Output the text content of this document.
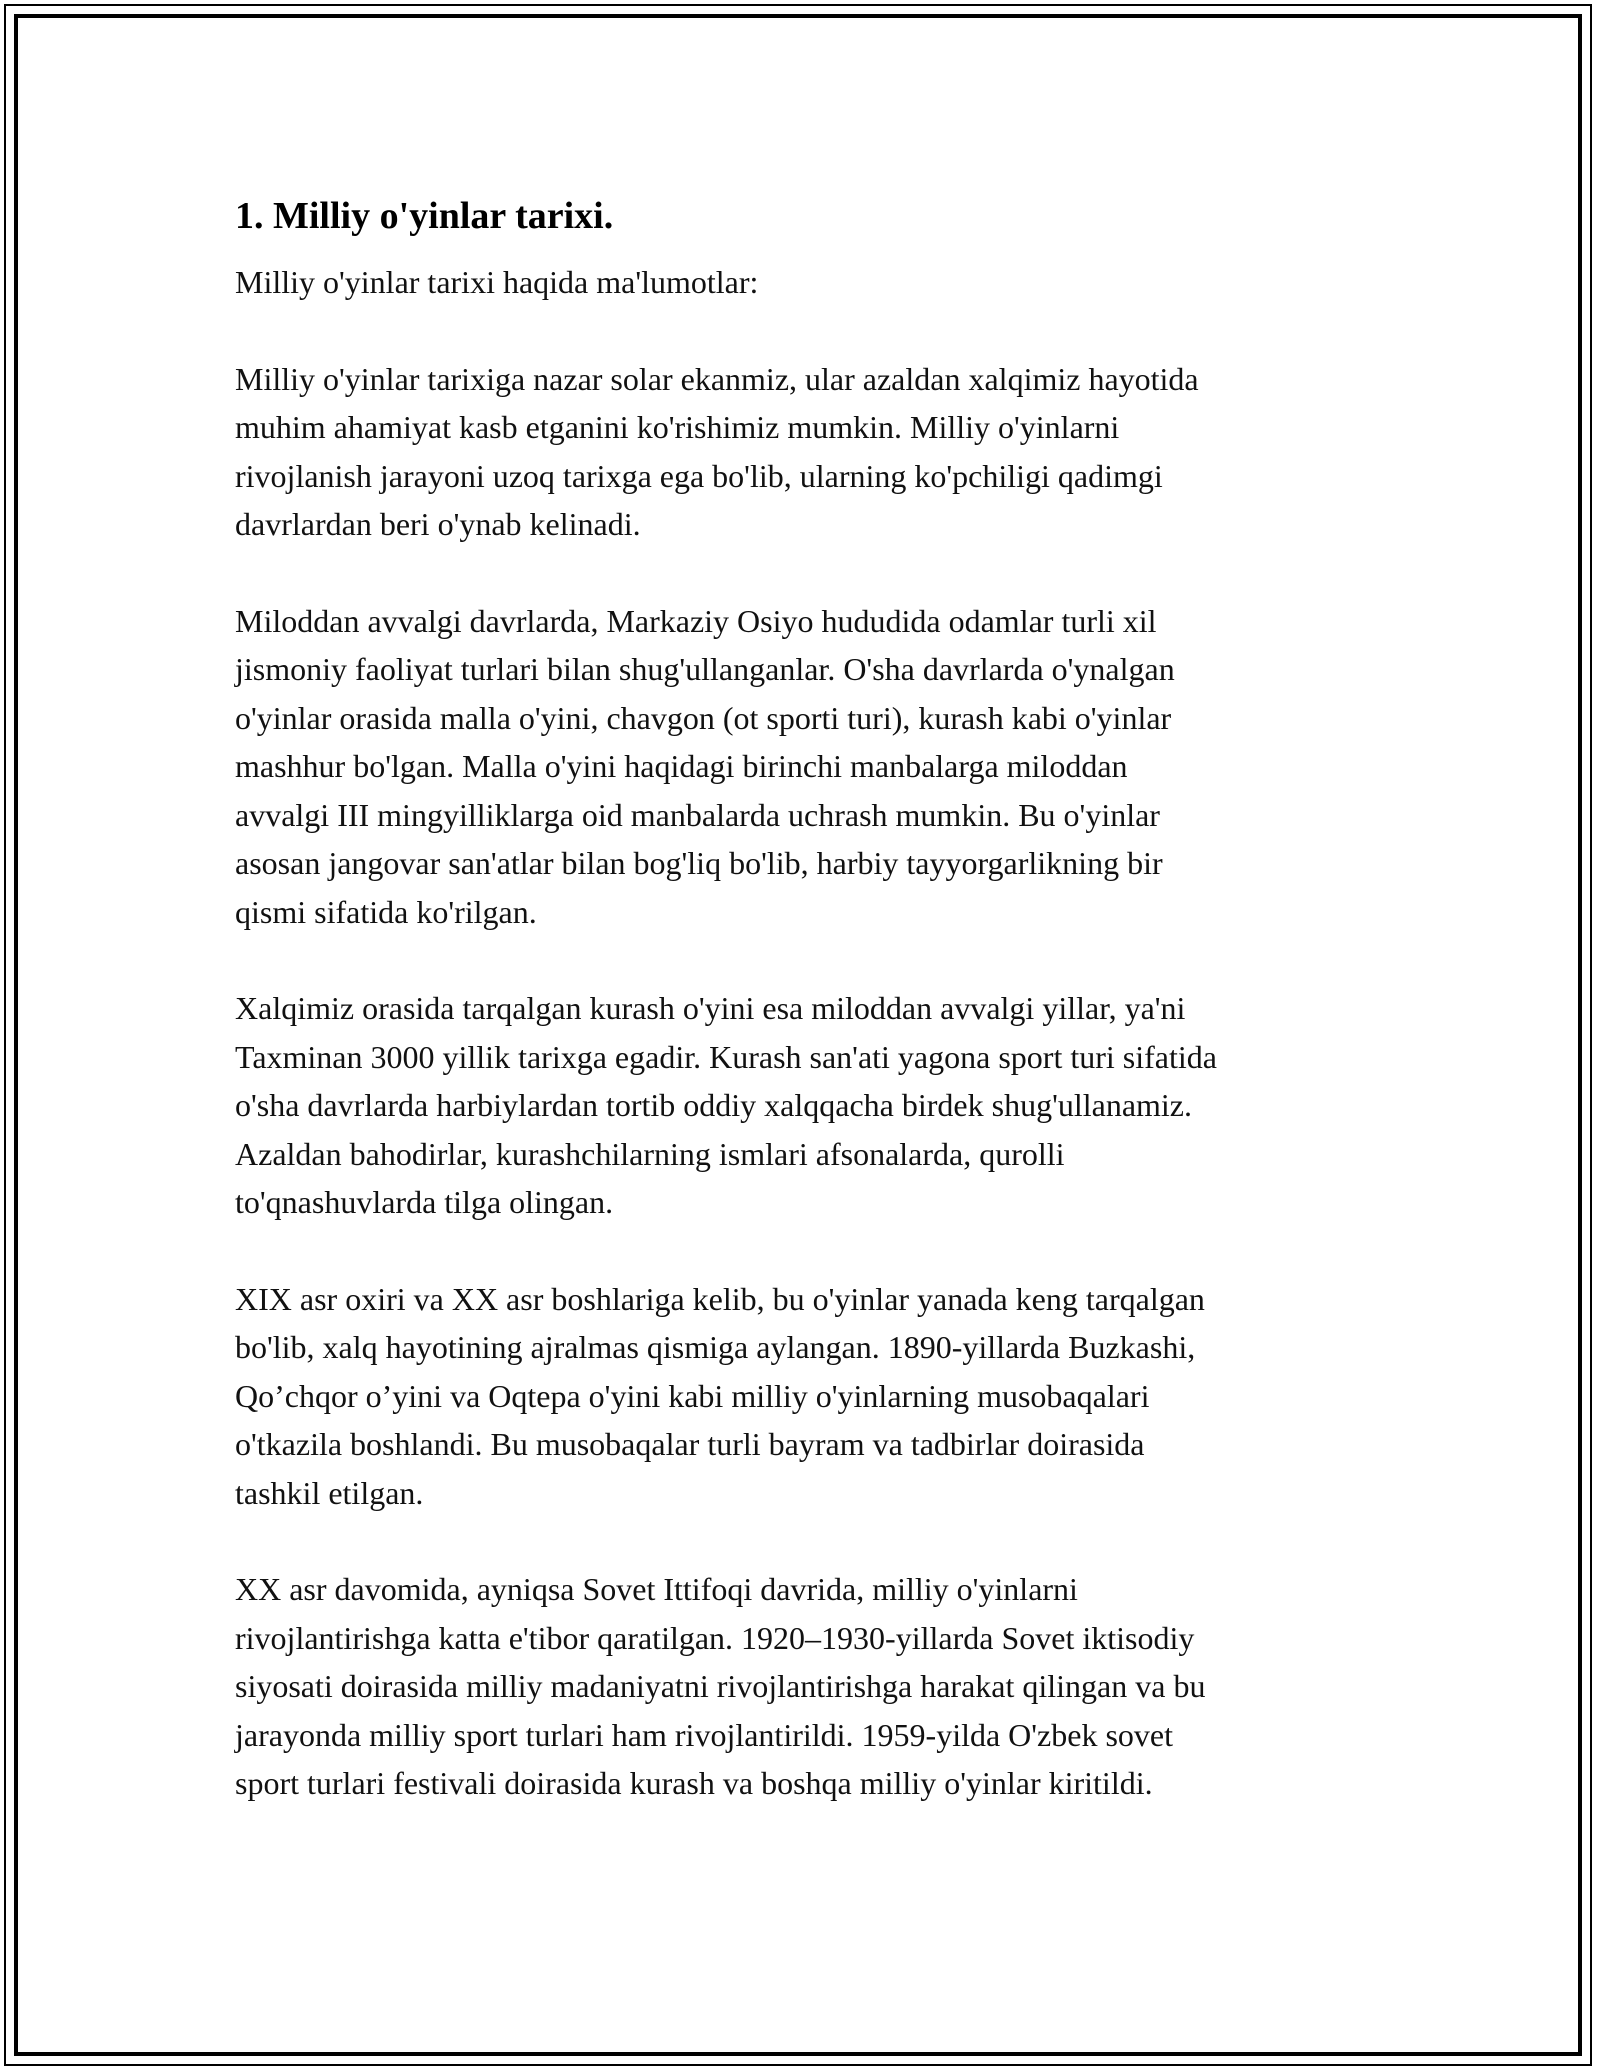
1. Milliy o'yinlar tarixi.

Milliy o'yinlar tarixi haqida ma'lumotlar:

Milliy o'yinlar tarixiga nazar solar ekanmiz, ular azaldan xalqimiz hayotida
muhim ahamiyat kasb etganini ko'rishimiz mumkin. Milliy o'yinlarni
rivojlanish jarayoni uzoq tarixga ega bo'lib, ularning ko'pchiligi qadimgi
davrlardan beri o'ynab kelinadi.

Miloddan avvalgi davrlarda, Markaziy Osiyo hududida odamlar turli xil
jismoniy faoliyat turlari bilan shug'ullanganlar. O'sha davrlarda o'ynalgan
o'yinlar orasida malla o'yini, chavgon (ot sporti turi), kurash kabi o'yinlar
mashhur bo'lgan. Malla o'yini haqidagi birinchi manbalarga miloddan
avvalgi III mingyilliklarga oid manbalarda uchrash mumkin. Bu o'yinlar
asosan jangovar san'atlar bilan bog'liq bo'lib, harbiy tayyorgarlikning bir
qismi sifatida ko'rilgan.

Xalqimiz orasida tarqalgan kurash o'yini esa miloddan avvalgi yillar, ya'ni
Taxminan 3000 yillik tarixga egadir. Kurash san'ati yagona sport turi sifatida
o'sha davrlarda harbiylardan tortib oddiy xalqqacha birdek shug'ullanamiz.
Azaldan bahodirlar, kurashchilarning ismlari afsonalarda, qurolli
to'qnashuvlarda tilga olingan.

XIX asr oxiri va XX asr boshlariga kelib, bu o'yinlar yanada keng tarqalgan
bo'lib, xalq hayotining ajralmas qismiga aylangan. 1890-yillarda Buzkashi,
Qo’chqor o’yini va Oqtepa o'yini kabi milliy o'yinlarning musobaqalari
o'tkazila boshlandi. Bu musobaqalar turli bayram va tadbirlar doirasida
tashkil etilgan.

XX asr davomida, ayniqsa Sovet Ittifoqi davrida, milliy o'yinlarni
rivojlantirishga katta e'tibor qaratilgan. 1920–1930-yillarda Sovet iktisodiy
siyosati doirasida milliy madaniyatni rivojlantirishga harakat qilingan va bu
jarayonda milliy sport turlari ham rivojlantirildi. 1959-yilda O'zbek sovet
sport turlari festivali doirasida kurash va boshqa milliy o'yinlar kiritildi.
